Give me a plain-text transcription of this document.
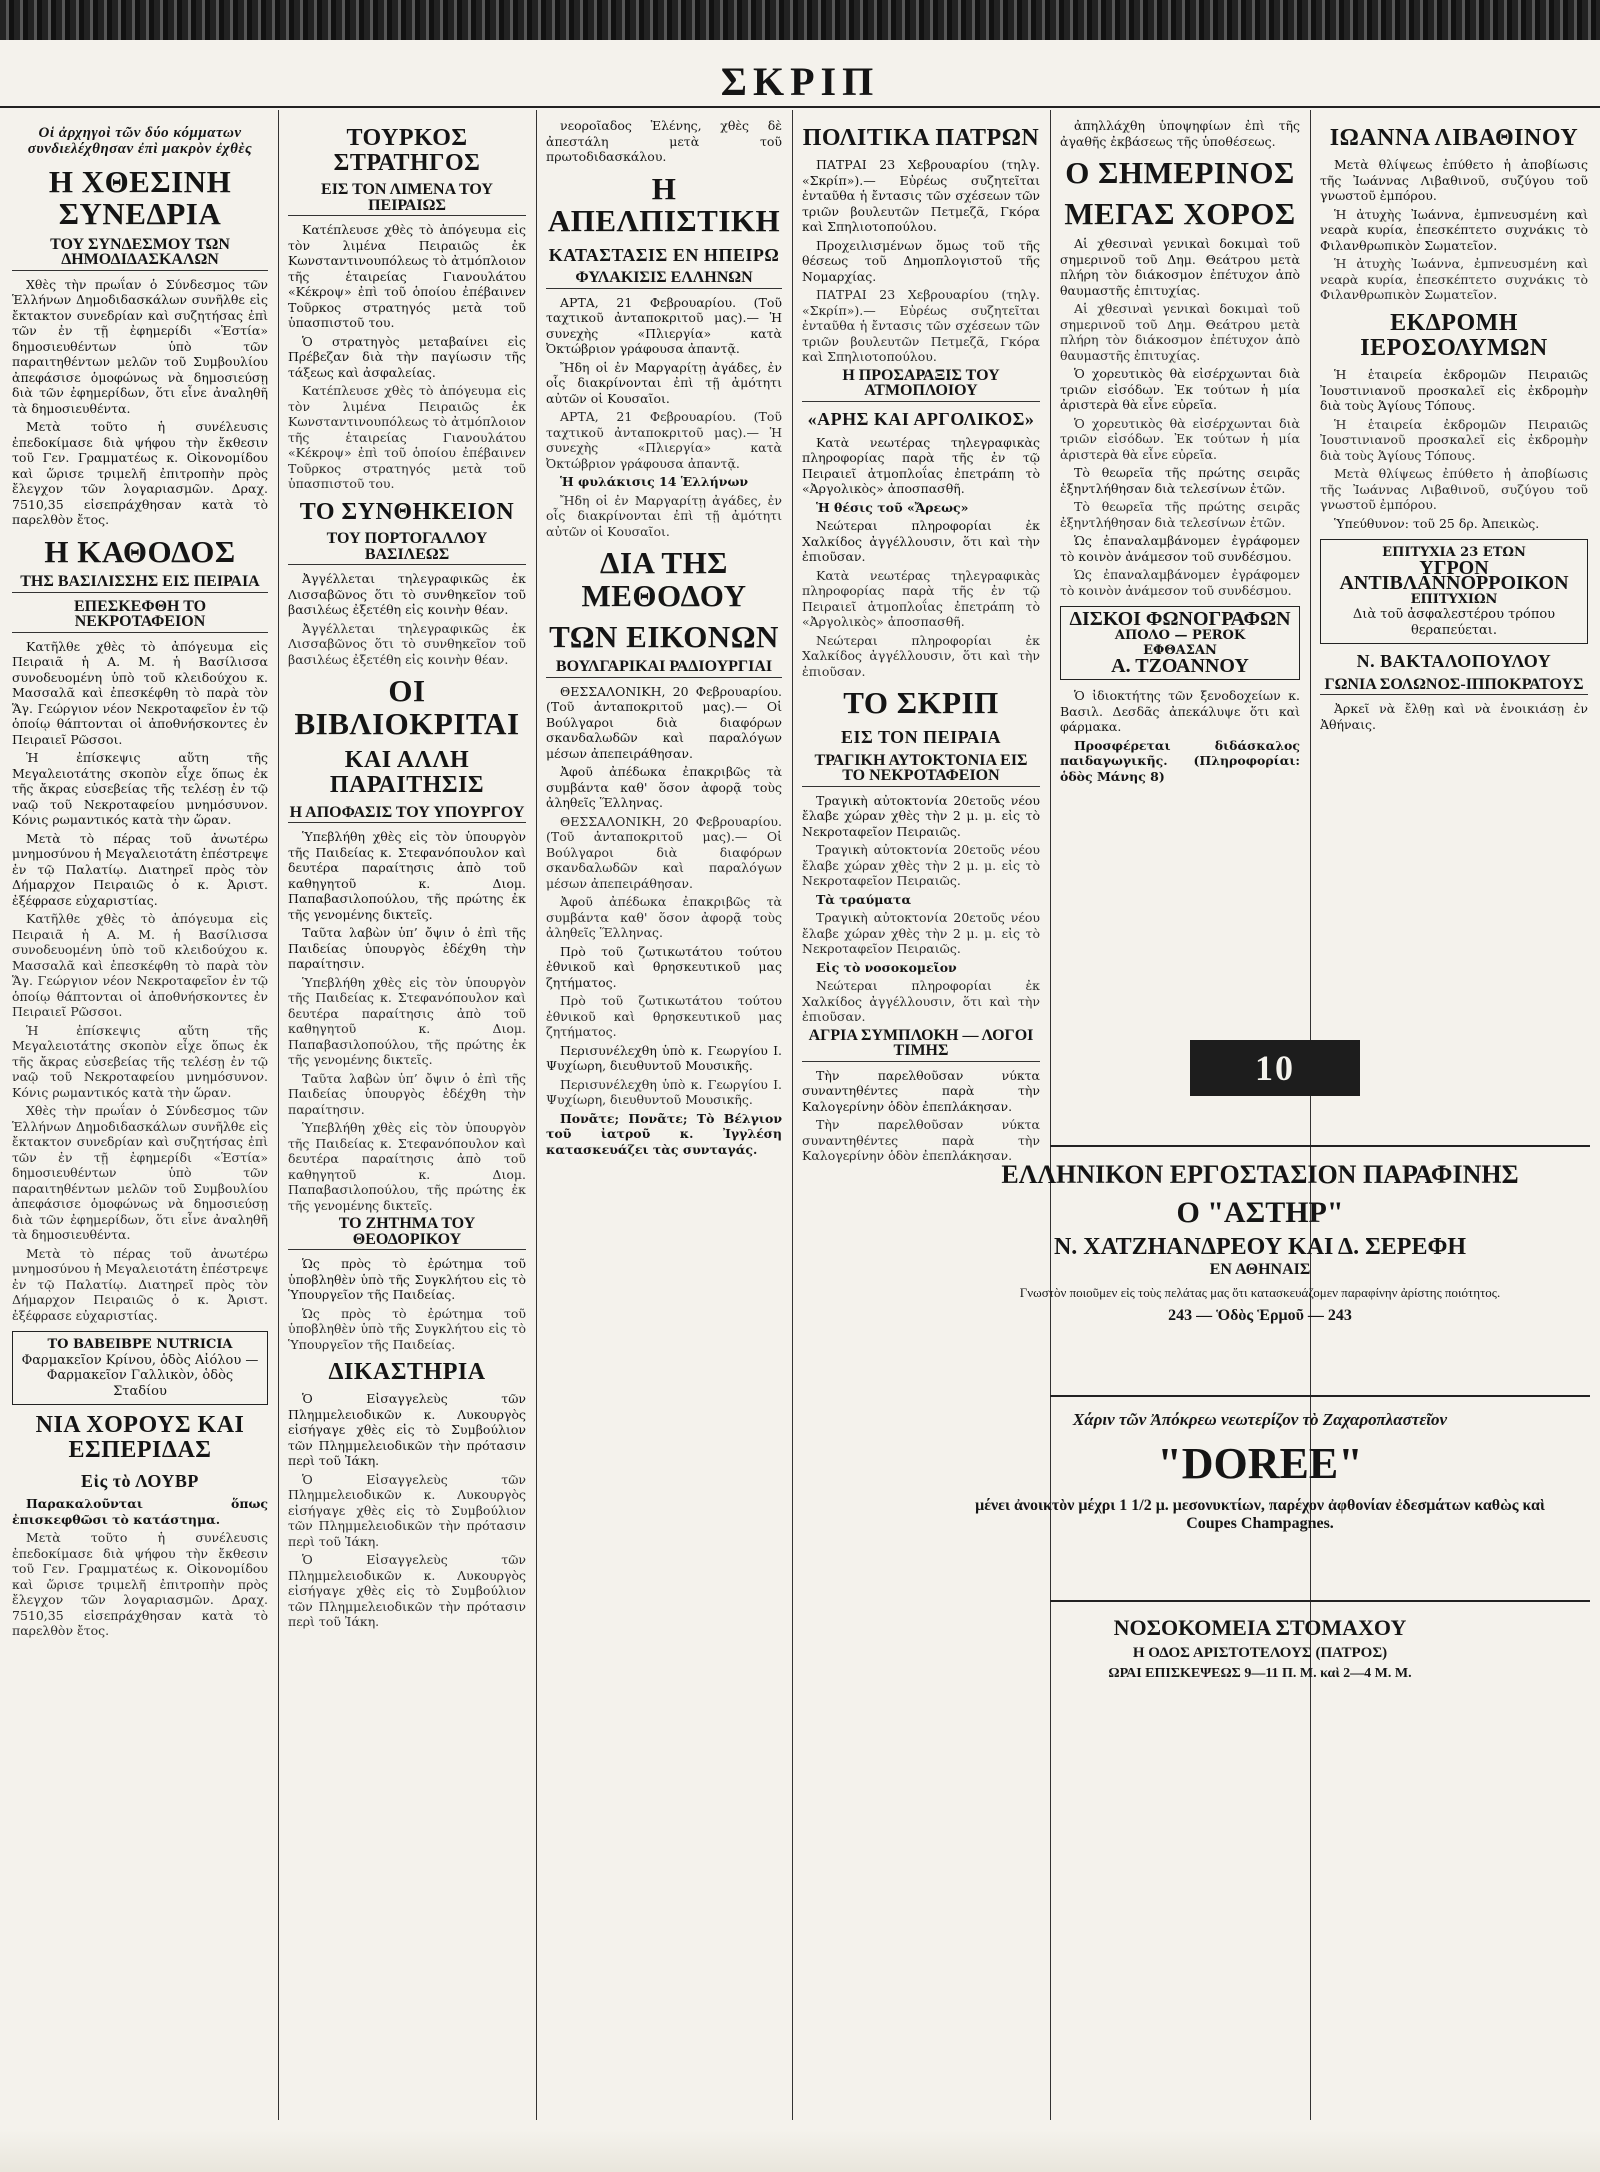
ΣΚΡΙΠ
Οἱ ἀρχηγοὶ τῶν δύο κόμματων συνδιελέχθησαν ἐπὶ μακρὸν ἐχθὲς
Η ΧΘΕΣΙΝΗ ΣΥΝΕΔΡΙΑ
ΤΟΥ ΣΥΝΔΕΣΜΟΥ ΤΩΝ ΔΗΜΟΔΙΔΑΣΚΑΛΩΝ

Χθὲς τὴν πρωΐαν ὁ Σύνδεσμος τῶν Ἑλλήνων Δημοδιδασκάλων συνῆλθε εἰς ἔκτακτον συνεδρίαν καὶ συζητήσας ἐπὶ τῶν ἐν τῇ ἐφημερίδι «Ἑστία» δημοσιευθέντων ὑπὸ τῶν παραιτηθέντων μελῶν τοῦ Συμβουλίου ἀπεφάσισε ὁμοφώνως νὰ δημοσιεύσῃ διὰ τῶν ἐφημερίδων, ὅτι εἶνε ἀναληθῆ τὰ δημοσιευθέντα.

Μετὰ τοῦτο ἡ συνέλευσις ἐπεδοκίμασε διὰ ψήφου τὴν ἔκθεσιν τοῦ Γεν. Γραμματέως κ. Οἰκονομίδου καὶ ὥρισε τριμελῆ ἐπιτροπὴν πρὸς ἔλεγχον τῶν λογαριασμῶν. Δραχ. 7510,35 εἰσεπράχθησαν κατὰ τὸ παρελθὸν ἔτος.

Η ΚΑΘΟΔΟΣ
ΤΗΣ ΒΑΣΙΛΙΣΣΗΣ ΕΙΣ ΠΕΙΡΑΙΑ
ΕΠΕΣΚΕΦΘΗ ΤΟ ΝΕΚΡΟΤΑΦΕΙΟΝ

Κατῆλθε χθὲς τὸ ἀπόγευμα εἰς Πειραιᾶ ἡ Α. Μ. ἡ Βασίλισσα συνοδευομένη ὑπὸ τοῦ κλειδούχου κ. Μασσαλᾶ καὶ ἐπεσκέφθη τὸ παρὰ τὸν Ἅγ. Γεώργιον νέον Νεκροταφεῖον ἐν τῷ ὁποίῳ θάπτονται οἱ ἀποθνήσκοντες ἐν Πειραιεῖ Ρῶσσοι.

Ἡ ἐπίσκεψις αὕτη τῆς Μεγαλειοτάτης σκοπὸν εἶχε ὅπως ἐκ τῆς ἄκρας εὐσεβείας τῆς τελέσῃ ἐν τῷ ναῷ τοῦ Νεκροταφείου μνημόσυνον. Κόνις ρωμαντικός κατὰ τὴν ὥραν.

Μετὰ τὸ πέρας τοῦ ἀνωτέρω μνημοσύνου ἡ Μεγαλειοτάτη ἐπέστρεψε ἐν τῷ Παλατίῳ. Διατηρεῖ πρὸς τὸν Δήμαρχον Πειραιῶς ὁ κ. Ἀριστ. ἐξέφρασε εὐχαριστίας.

Κατῆλθε χθὲς τὸ ἀπόγευμα εἰς Πειραιᾶ ἡ Α. Μ. ἡ Βασίλισσα συνοδευομένη ὑπὸ τοῦ κλειδούχου κ. Μασσαλᾶ καὶ ἐπεσκέφθη τὸ παρὰ τὸν Ἅγ. Γεώργιον νέον Νεκροταφεῖον ἐν τῷ ὁποίῳ θάπτονται οἱ ἀποθνήσκοντες ἐν Πειραιεῖ Ρῶσσοι.

Ἡ ἐπίσκεψις αὕτη τῆς Μεγαλειοτάτης σκοπὸν εἶχε ὅπως ἐκ τῆς ἄκρας εὐσεβείας τῆς τελέσῃ ἐν τῷ ναῷ τοῦ Νεκροταφείου μνημόσυνον. Κόνις ρωμαντικός κατὰ τὴν ὥραν.

Χθὲς τὴν πρωΐαν ὁ Σύνδεσμος τῶν Ἑλλήνων Δημοδιδασκάλων συνῆλθε εἰς ἔκτακτον συνεδρίαν καὶ συζητήσας ἐπὶ τῶν ἐν τῇ ἐφημερίδι «Ἑστία» δημοσιευθέντων ὑπὸ τῶν παραιτηθέντων μελῶν τοῦ Συμβουλίου ἀπεφάσισε ὁμοφώνως νὰ δημοσιεύσῃ διὰ τῶν ἐφημερίδων, ὅτι εἶνε ἀναληθῆ τὰ δημοσιευθέντα.

Μετὰ τὸ πέρας τοῦ ἀνωτέρω μνημοσύνου ἡ Μεγαλειοτάτη ἐπέστρεψε ἐν τῷ Παλατίῳ. Διατηρεῖ πρὸς τὸν Δήμαρχον Πειραιῶς ὁ κ. Ἀριστ. ἐξέφρασε εὐχαριστίας.

ΤΟ ΒΑΒΕΙΒΡΕ NUTRICIA
Φαρμακεῖον Κρίνου, ὁδὸς Αἰόλου — Φαρμακεῖον Γαλλικὸν, ὁδὸς Σταδίου
ΝΙΑ ΧΟΡΟΥΣ ΚΑΙ ΕΣΠΕΡΙΔΑΣ
Εἰς τὸ ΛΟΥΒΡ

Παρακαλοῦνται ὅπως ἐπισκεφθῶσι τὸ κατάστημα.

Μετὰ τοῦτο ἡ συνέλευσις ἐπεδοκίμασε διὰ ψήφου τὴν ἔκθεσιν τοῦ Γεν. Γραμματέως κ. Οἰκονομίδου καὶ ὥρισε τριμελῆ ἐπιτροπὴν πρὸς ἔλεγχον τῶν λογαριασμῶν. Δραχ. 7510,35 εἰσεπράχθησαν κατὰ τὸ παρελθὸν ἔτος.

ΤΟΥΡΚΟΣ ΣΤΡΑΤΗΓΟΣ
ΕΙΣ ΤΟΝ ΛΙΜΕΝΑ ΤΟΥ ΠΕΙΡΑΙΩΣ

Κατέπλευσε χθὲς τὸ ἀπόγευμα εἰς τὸν λιμένα Πειραιῶς ἐκ Κωνσταντινουπόλεως τὸ ἀτμόπλοιον τῆς ἑταιρείας Γιανουλάτου «Κέκροψ» ἐπὶ τοῦ ὁποίου ἐπέβαινεν Τοῦρκος στρατηγός μετὰ τοῦ ὑπασπιστοῦ του.

Ὁ στρατηγὸς μεταβαίνει εἰς Πρέβεζαν διὰ τὴν παγίωσιν τῆς τάξεως καὶ ἀσφαλείας.

Κατέπλευσε χθὲς τὸ ἀπόγευμα εἰς τὸν λιμένα Πειραιῶς ἐκ Κωνσταντινουπόλεως τὸ ἀτμόπλοιον τῆς ἑταιρείας Γιανουλάτου «Κέκροψ» ἐπὶ τοῦ ὁποίου ἐπέβαινεν Τοῦρκος στρατηγός μετὰ τοῦ ὑπασπιστοῦ του.

ΤΟ ΣΥΝΘΗΚΕΙΟΝ
ΤΟΥ ΠΟΡΤΟΓΑΛΛΟΥ ΒΑΣΙΛΕΩΣ

Ἀγγέλλεται τηλεγραφικῶς ἐκ Λισσαβῶνος ὅτι τὸ συνθηκεῖον τοῦ βασιλέως ἐξετέθη εἰς κοινὴν θέαν.

Ἀγγέλλεται τηλεγραφικῶς ἐκ Λισσαβῶνος ὅτι τὸ συνθηκεῖον τοῦ βασιλέως ἐξετέθη εἰς κοινὴν θέαν.

ΟΙ ΒΙΒΛΙΟΚΡΙΤΑΙ
ΚΑΙ ΑΛΛΗ ΠΑΡΑΙΤΗΣΙΣ
Η ΑΠΟΦΑΣΙΣ ΤΟΥ ΥΠΟΥΡΓΟΥ

Ὑπεβλήθη χθὲς εἰς τὸν ὑπουργὸν τῆς Παιδείας κ. Στεφανόπουλον καὶ δευτέρα παραίτησις ἀπὸ τοῦ καθηγητοῦ κ. Διομ. Παπαβασιλοπούλου, τῆς πρώτης ἐκ τῆς γενομένης δικτεῖς.

Ταῦτα λαβὼν ὑπ’ ὄψιν ὁ ἐπὶ τῆς Παιδείας ὑπουργὸς ἐδέχθη τὴν παραίτησιν.

Ὑπεβλήθη χθὲς εἰς τὸν ὑπουργὸν τῆς Παιδείας κ. Στεφανόπουλον καὶ δευτέρα παραίτησις ἀπὸ τοῦ καθηγητοῦ κ. Διομ. Παπαβασιλοπούλου, τῆς πρώτης ἐκ τῆς γενομένης δικτεῖς.

Ταῦτα λαβὼν ὑπ’ ὄψιν ὁ ἐπὶ τῆς Παιδείας ὑπουργὸς ἐδέχθη τὴν παραίτησιν.

Ὑπεβλήθη χθὲς εἰς τὸν ὑπουργὸν τῆς Παιδείας κ. Στεφανόπουλον καὶ δευτέρα παραίτησις ἀπὸ τοῦ καθηγητοῦ κ. Διομ. Παπαβασιλοπούλου, τῆς πρώτης ἐκ τῆς γενομένης δικτεῖς.

ΤΟ ΖΗΤΗΜΑ ΤΟΥ ΘΕΟΔΟΡΙΚΟΥ

Ὡς πρὸς τὸ ἐρώτημα τοῦ ὑποβληθὲν ὑπὸ τῆς Συγκλήτου εἰς τὸ Ὑπουργεῖον τῆς Παιδείας.

Ὡς πρὸς τὸ ἐρώτημα τοῦ ὑποβληθὲν ὑπὸ τῆς Συγκλήτου εἰς τὸ Ὑπουργεῖον τῆς Παιδείας.

ΔΙΚΑΣΤΗΡΙΑ

Ὁ Εἰσαγγελεὺς τῶν Πλημμελειοδικῶν κ. Λυκουργὸς εἰσήγαγε χθὲς εἰς τὸ Συμβούλιον τῶν Πλημμελειοδικῶν τὴν πρότασιν περὶ τοῦ Ἰάκη.

Ὁ Εἰσαγγελεὺς τῶν Πλημμελειοδικῶν κ. Λυκουργὸς εἰσήγαγε χθὲς εἰς τὸ Συμβούλιον τῶν Πλημμελειοδικῶν τὴν πρότασιν περὶ τοῦ Ἰάκη.

Ὁ Εἰσαγγελεὺς τῶν Πλημμελειοδικῶν κ. Λυκουργὸς εἰσήγαγε χθὲς εἰς τὸ Συμβούλιον τῶν Πλημμελειοδικῶν τὴν πρότασιν περὶ τοῦ Ἰάκη.

νεοροῖαδος Ἑλένης, χθὲς δὲ ἀπεστάλη μετὰ τοῦ πρωτοδιδασκάλου.

Η ΑΠΕΛΠΙΣΤΙΚΗ
ΚΑΤΑΣΤΑΣΙΣ ΕΝ ΗΠΕΙΡΩ
ΦΥΛΑΚΙΣΙΣ ΕΛΛΗΝΩΝ

ΑΡΤΑ, 21 Φεβρουαρίου. (Τοῦ ταχτικοῦ ἀνταποκριτοῦ μας).— Ἡ συνεχὴς «Πλιεργία» κατὰ Ὀκτώβριον γράφουσα ἀπαντᾷ.

Ἤδη οἱ ἐν Μαργαρίτῃ ἀγάδες, ἐν οἷς διακρίνονται ἐπὶ τῇ ἀμότητι αὐτῶν οἱ Κουσαῖοι.

ΑΡΤΑ, 21 Φεβρουαρίου. (Τοῦ ταχτικοῦ ἀνταποκριτοῦ μας).— Ἡ συνεχὴς «Πλιεργία» κατὰ Ὀκτώβριον γράφουσα ἀπαντᾷ.

Ἡ φυλάκισις 14 Ἑλλήνων

Ἤδη οἱ ἐν Μαργαρίτῃ ἀγάδες, ἐν οἷς διακρίνονται ἐπὶ τῇ ἀμότητι αὐτῶν οἱ Κουσαῖοι.

ΔΙΑ ΤΗΣ ΜΕΘΟΔΟΥ
ΤΩΝ ΕΙΚΟΝΩΝ
ΒΟΥΛΓΑΡΙΚΑΙ ΡΑΔΙΟΥΡΓΙΑΙ

ΘΕΣΣΑΛΟΝΙΚΗ, 20 Φεβρουαρίου. (Τοῦ ἀνταποκριτοῦ μας).— Οἱ Βούλγαροι διὰ διαφόρων σκανδαλωδῶν καὶ παραλόγων μέσων ἀπεπειράθησαν.

Ἀφοῦ ἀπέδωκα ἐπακριβῶς τὰ συμβάντα καθ' ὅσον ἀφορᾷ τοὺς ἀληθεῖς Ἕλληνας.

ΘΕΣΣΑΛΟΝΙΚΗ, 20 Φεβρουαρίου. (Τοῦ ἀνταποκριτοῦ μας).— Οἱ Βούλγαροι διὰ διαφόρων σκανδαλωδῶν καὶ παραλόγων μέσων ἀπεπειράθησαν.

Ἀφοῦ ἀπέδωκα ἐπακριβῶς τὰ συμβάντα καθ' ὅσον ἀφορᾷ τοὺς ἀληθεῖς Ἕλληνας.

Πρὸ τοῦ ζωτικωτάτου τούτου ἐθνικοῦ καὶ θρησκευτικοῦ μας ζητήματος.

Πρὸ τοῦ ζωτικωτάτου τούτου ἐθνικοῦ καὶ θρησκευτικοῦ μας ζητήματος.

Περισυνέλεχθη ὑπὸ κ. Γεωργίου Ι. Ψυχίωρη, διευθυντοῦ Μουσικῆς.

Περισυνέλεχθη ὑπὸ κ. Γεωργίου Ι. Ψυχίωρη, διευθυντοῦ Μουσικῆς.

Πονᾶτε; Πονᾶτε; Τὸ Βέλγιον τοῦ ἰατροῦ κ. Ἰγγλέση κατασκευάζει τὰς συνταγάς.

ΠΟΛΙΤΙΚΑ ΠΑΤΡΩΝ

ΠΑΤΡΑΙ 23 Χεβρουαρίου (τηλγ. «Σκρίπ»).— Εὐρέως συζητεῖται ἐνταῦθα ἡ ἔντασις τῶν σχέσεων τῶν τριῶν βουλευτῶν Πετμεζᾶ, Γκόρα καὶ Σπηλιοτοπούλου.

Προχειλισμένων ὅμως τοῦ τῆς θέσεως τοῦ Δημοπλογιστοῦ τῆς Νομαρχίας.

ΠΑΤΡΑΙ 23 Χεβρουαρίου (τηλγ. «Σκρίπ»).— Εὐρέως συζητεῖται ἐνταῦθα ἡ ἔντασις τῶν σχέσεων τῶν τριῶν βουλευτῶν Πετμεζᾶ, Γκόρα καὶ Σπηλιοτοπούλου.

Η ΠΡΟΣΑΡΑΞΙΣ ΤΟΥ ΑΤΜΟΠΛΟΙΟΥ
«ΑΡΗΣ ΚΑΙ ΑΡΓΟΛΙΚΟΣ»

Κατὰ νεωτέρας τηλεγραφικὰς πληροφορίας παρὰ τῆς ἐν τῷ Πειραιεῖ ἀτμοπλοΐας ἐπετράπη τὸ «Ἀργολικὸς» ἀποσπασθῆ.

Ἡ θέσις τοῦ «Ἄρεως»

Νεώτεραι πληροφορίαι ἐκ Χαλκίδος ἀγγέλλουσιν, ὅτι καὶ τὴν ἐπιοῦσαν.

Κατὰ νεωτέρας τηλεγραφικὰς πληροφορίας παρὰ τῆς ἐν τῷ Πειραιεῖ ἀτμοπλοΐας ἐπετράπη τὸ «Ἀργολικὸς» ἀποσπασθῆ.

Νεώτεραι πληροφορίαι ἐκ Χαλκίδος ἀγγέλλουσιν, ὅτι καὶ τὴν ἐπιοῦσαν.

ΤΟ ΣΚΡΙΠ
ΕΙΣ ΤΟΝ ΠΕΙΡΑΙΑ
ΤΡΑΓΙΚΗ ΑΥΤΟΚΤΟΝΙΑ ΕΙΣ ΤΟ ΝΕΚΡΟΤΑΦΕΙΟΝ

Τραγικὴ αὐτοκτονία 20ετοῦς νέου ἔλαβε χώραν χθὲς τὴν 2 μ. μ. εἰς τὸ Νεκροταφεῖον Πειραιῶς.

Τραγικὴ αὐτοκτονία 20ετοῦς νέου ἔλαβε χώραν χθὲς τὴν 2 μ. μ. εἰς τὸ Νεκροταφεῖον Πειραιῶς.

Τὰ τραύματα

Τραγικὴ αὐτοκτονία 20ετοῦς νέου ἔλαβε χώραν χθὲς τὴν 2 μ. μ. εἰς τὸ Νεκροταφεῖον Πειραιῶς.

Εἰς τὸ νοσοκομεῖον

Νεώτεραι πληροφορίαι ἐκ Χαλκίδος ἀγγέλλουσιν, ὅτι καὶ τὴν ἐπιοῦσαν.

ΑΓΡΙΑ ΣΥΜΠΛΟΚΗ — ΛΟΓΟΙ ΤΙΜΗΣ

Τὴν παρελθοῦσαν νύκτα συναντηθέντες παρὰ τὴν Καλογερίνην ὁδὸν ἐπεπλάκησαν.

Τὴν παρελθοῦσαν νύκτα συναντηθέντες παρὰ τὴν Καλογερίνην ὁδὸν ἐπεπλάκησαν.

ἀπηλλάχθη ὑποψηφίων ἐπὶ τῆς ἀγαθῆς ἐκβάσεως τῆς ὑποθέσεως.

Ο ΣΗΜΕΡΙΝΟΣ
ΜΕΓΑΣ ΧΟΡΟΣ

Αἱ χθεσιναὶ γενικαὶ δοκιμαὶ τοῦ σημερινοῦ τοῦ Δημ. Θεάτρου μετὰ πλήρη τὸν διάκοσμον ἐπέτυχον ἀπὸ θαυμαστῆς ἐπιτυχίας.

Αἱ χθεσιναὶ γενικαὶ δοκιμαὶ τοῦ σημερινοῦ τοῦ Δημ. Θεάτρου μετὰ πλήρη τὸν διάκοσμον ἐπέτυχον ἀπὸ θαυμαστῆς ἐπιτυχίας.

Ὁ χορευτικὸς θὰ εἰσέρχωνται διὰ τριῶν εἰσόδων. Ἐκ τούτων ἡ μία ἀριστερὰ θὰ εἶνε εὐρεῖα.

Ὁ χορευτικὸς θὰ εἰσέρχωνται διὰ τριῶν εἰσόδων. Ἐκ τούτων ἡ μία ἀριστερὰ θὰ εἶνε εὐρεῖα.

Τὸ θεωρεῖα τῆς πρώτης σειρᾶς ἐξηντλήθησαν διὰ τελεσίνων ἐτῶν.

Τὸ θεωρεῖα τῆς πρώτης σειρᾶς ἐξηντλήθησαν διὰ τελεσίνων ἐτῶν.

Ὡς ἐπαναλαμβάνομεν ἐγράφομεν τὸ κοινὸν ἀνάμεσον τοῦ συνδέσμου.

Ὡς ἐπαναλαμβάνομεν ἐγράφομεν τὸ κοινὸν ἀνάμεσον τοῦ συνδέσμου.

ΔΙΣΚΟΙ ΦΩΝΟΓΡΑΦΩΝ
ΑΠΟΛΟ — PEROK
ΕΦΘΑΣΑΝ
Α. ΤΖΟΑΝΝΟΥ

Ὁ ἰδιοκτήτης τῶν ξενοδοχείων κ. Βασιλ. Δεσδᾶς ἀπεκάλυψε ὅτι καὶ φάρμακα.

Προσφέρεται διδάσκαλος παιδαγωγικῆς. (Πληροφορίαι: ὁδὸς Μάνης 8)

ΙΩΑΝΝΑ ΛΙΒΑΘΙΝΟΥ

Μετὰ θλίψεως ἐπύθετο ἡ ἀποβίωσις τῆς Ἰωάννας Λιβαθινοῦ, συζύγου τοῦ γνωστοῦ ἐμπόρου.

Ἡ ἀτυχὴς Ἰωάννα, ἐμπνευσμένη καὶ νεαρὰ κυρία, ἐπεσκέπτετο συχνάκις τὸ Φιλανθρωπικὸν Σωματεῖον.

Ἡ ἀτυχὴς Ἰωάννα, ἐμπνευσμένη καὶ νεαρὰ κυρία, ἐπεσκέπτετο συχνάκις τὸ Φιλανθρωπικὸν Σωματεῖον.

ΕΚΔΡΟΜΗ ΙΕΡΟΣΟΛΥΜΩΝ

Ἡ ἑταιρεία ἐκδρομῶν Πειραιῶς Ἰουστινιανοῦ προσκαλεῖ εἰς ἐκδρομὴν διὰ τοὺς Ἁγίους Τόπους.

Ἡ ἑταιρεία ἐκδρομῶν Πειραιῶς Ἰουστινιανοῦ προσκαλεῖ εἰς ἐκδρομὴν διὰ τοὺς Ἁγίους Τόπους.

Μετὰ θλίψεως ἐπύθετο ἡ ἀποβίωσις τῆς Ἰωάννας Λιβαθινοῦ, συζύγου τοῦ γνωστοῦ ἐμπόρου.

Ὑπεύθυνον: τοῦ 25 δρ. Ἀπεικὼς.

ΕΠΙΤΥΧΙΑ 23 ΕΤΩΝ
ΥΓΡΟΝ ΑΝΤΙΒΛΑΝΝΟΡΡΟΙΚΟΝ
ΕΠΙΤΥΧΙΩΝ
Διὰ τοῦ ἀσφαλεστέρου τρόπου θεραπεύεται.
Ν. ΒΑΚΤΑΛΟΠΟΥΛΟΥ
ΓΩΝΙΑ ΣΟΛΩΝΟΣ-ΙΠΠΟΚΡΑΤΟΥΣ

Ἀρκεῖ νὰ ἔλθῃ καὶ νὰ ἐνοικιάσῃ ἐν Ἀθήναις.

10
ΕΛΛΗΝΙΚΟΝ ΕΡΓΟΣΤΑΣΙΟΝ ΠΑΡΑΦΙΝΗΣ
Ο "ΑΣΤΗΡ"
Ν. ΧΑΤΖΗΑΝΔΡΕΟΥ ΚΑΙ Δ. ΣΕΡΕΦΗ
ΕΝ ΑΘΗΝΑΙΣ
Γνωστὸν ποιοῦμεν εἰς τοὺς πελάτας μας ὅτι κατασκευάζομεν παραφίνην ἀρίστης ποιότητος.
243 — Ὁδὸς Ἑρμοῦ — 243
Χάριν τῶν Ἀπόκρεω νεωτερίζον τὸ Ζαχαροπλαστεῖον
"DOREE"
μένει ἀνοικτὸν μέχρι 1 1/2 μ. μεσονυκτίων, παρέχον ἀφθονίαν ἐδεσμάτων καθὼς καὶ Coupes Champagnes.
ΝΟΣΟΚΟΜΕΙΑ ΣΤΟΜΑΧΟΥ
Η ΟΔΟΣ ΑΡΙΣΤΟΤΕΛΟΥΣ (ΠΑΤΡΟΣ)
ΩΡΑΙ ΕΠΙΣΚΕΨΕΩΣ 9—11 Π. Μ. καὶ 2—4 Μ. Μ.
